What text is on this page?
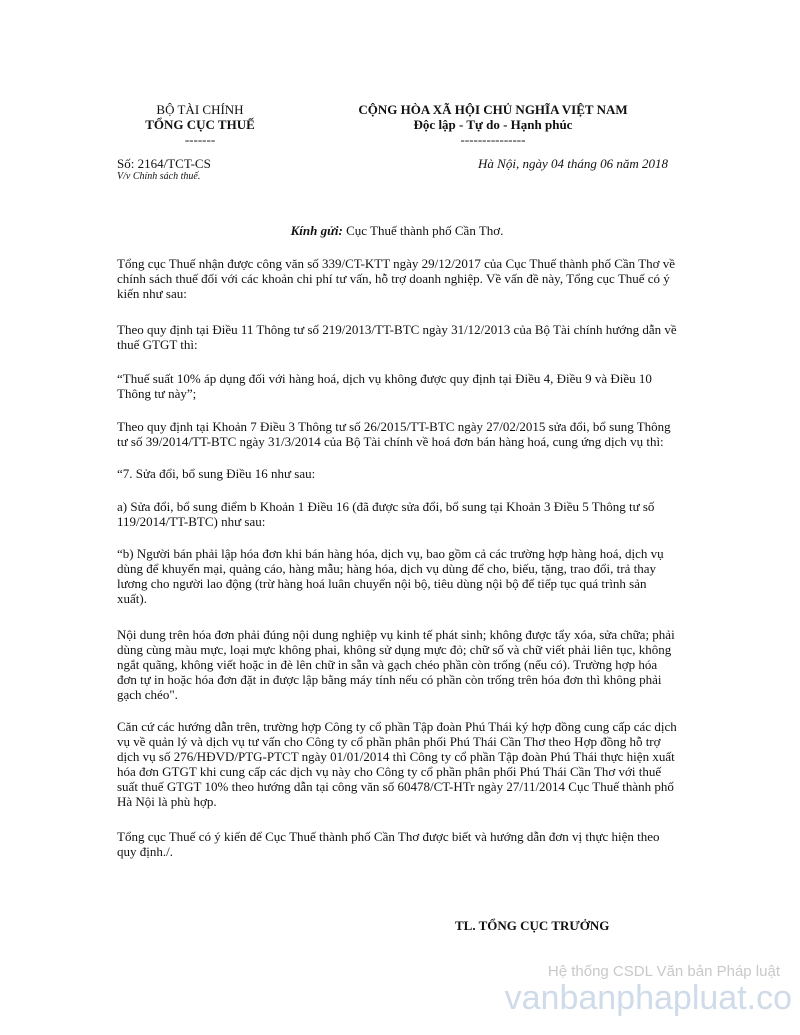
BỘ TÀI CHÍNH
TỔNG CỤC THUẾ
-------
CỘNG HÒA XÃ HỘI CHỦ NGHĨA VIỆT NAM
Độc lập - Tự do - Hạnh phúc
---------------
Số: 2164/TCT-CS
V/v Chính sách thuế.
Hà Nội, ngày 04 tháng 06 năm 2018
Kính gửi: Cục Thuế thành phố Cần Thơ.

Tổng cục Thuế nhận được công văn số 339/CT-KTT ngày 29/12/2017 của Cục Thuế thành phố Cần Thơ về chính sách thuế đối với các khoản chi phí tư vấn, hỗ trợ doanh nghiệp. Về vấn đề này, Tổng cục Thuế có ý kiến như sau:

Theo quy định tại Điều 11 Thông tư số 219/2013/TT-BTC ngày 31/12/2013 của Bộ Tài chính hướng dẫn về thuế GTGT thì:

“Thuế suất 10% áp dụng đối với hàng hoá, dịch vụ không được quy định tại Điều 4, Điều 9 và Điều 10 Thông tư này”;

Theo quy định tại Khoản 7 Điều 3 Thông tư số 26/2015/TT-BTC ngày 27/02/2015 sửa đổi, bổ sung Thông tư số 39/2014/TT-BTC ngày 31/3/2014 của Bộ Tài chính về hoá đơn bán hàng hoá, cung ứng dịch vụ thì:

“7. Sửa đổi, bổ sung Điều 16 như sau:

a) Sửa đổi, bổ sung điểm b Khoản 1 Điều 16 (đã được sửa đổi, bổ sung tại Khoản 3 Điều 5 Thông tư số 119/2014/TT-BTC) như sau:

“b) Người bán phải lập hóa đơn khi bán hàng hóa, dịch vụ, bao gồm cả các trường hợp hàng hoá, dịch vụ dùng để khuyến mại, quảng cáo, hàng mẫu; hàng hóa, dịch vụ dùng để cho, biếu, tặng, trao đổi, trả thay lương cho người lao động (trừ hàng hoá luân chuyển nội bộ, tiêu dùng nội bộ để tiếp tục quá trình sản xuất).

Nội dung trên hóa đơn phải đúng nội dung nghiệp vụ kinh tế phát sinh; không được tẩy xóa, sửa chữa; phải dùng cùng màu mực, loại mực không phai, không sử dụng mực đỏ; chữ số và chữ viết phải liên tục, không ngắt quãng, không viết hoặc in đè lên chữ in sẵn và gạch chéo phần còn trống (nếu có). Trường hợp hóa đơn tự in hoặc hóa đơn đặt in được lập bằng máy tính nếu có phần còn trống trên hóa đơn thì không phải gạch chéo".

Căn cứ các hướng dẫn trên, trường hợp Công ty cổ phần Tập đoàn Phú Thái ký hợp đồng cung cấp các dịch vụ về quản lý và dịch vụ tư vấn cho Công ty cổ phần phân phối Phú Thái Cần Thơ theo Hợp đồng hỗ trợ dịch vụ số 276/HĐVD/PTG-PTCT ngày 01/01/2014 thì Công ty cổ phần Tập đoàn Phú Thái thực hiện xuất hóa đơn GTGT khi cung cấp các dịch vụ này cho Công ty cổ phần phân phối Phú Thái Cần Thơ với thuế suất thuế GTGT 10% theo hướng dẫn tại công văn số 60478/CT-HTr ngày 27/11/2014 Cục Thuế thành phố Hà Nội là phù hợp.

Tổng cục Thuế có ý kiến để Cục Thuế thành phố Cần Thơ được biết và hướng dẫn đơn vị thực hiện theo quy định./.

TL. TỔNG CỤC TRƯỞNG
Hệ thống CSDL Văn bản Pháp luật
vanbanphapluat.co
